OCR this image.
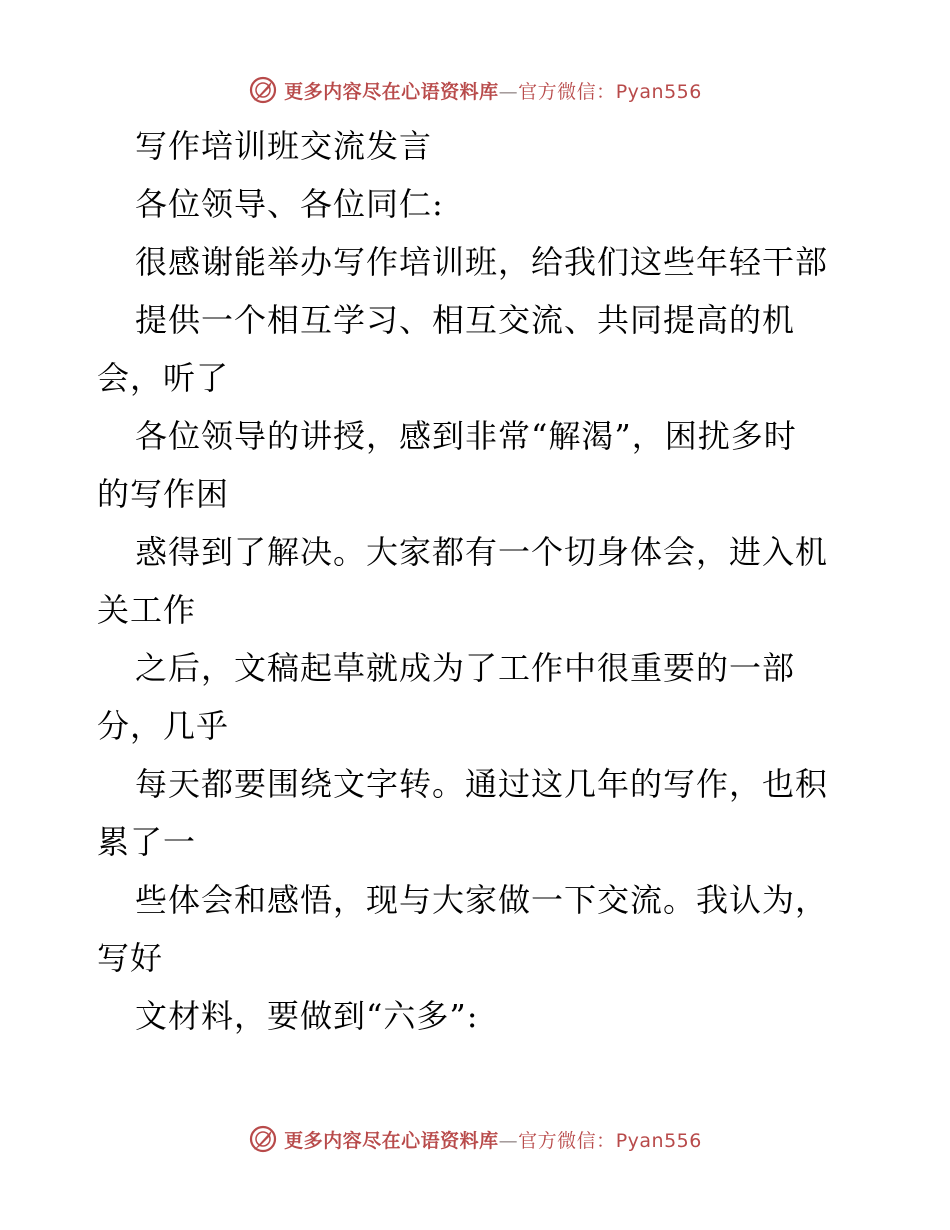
更多内容尽在心语资料库—官方微信：Pyan556
写作培训班交流发言
各位领导、各位同仁:
很感谢能举办写作培训班，给我们这些年轻干部
提供一个相互学习、相互交流、共同提高的机
会，听了
各位领导的讲授，感到非常“解渴”，困扰多时
的写作困
惑得到了解决。大家都有一个切身体会，进入机
关工作
之后，文稿起草就成为了工作中很重要的一部
分，几乎
每天都要围绕文字转。通过这几年的写作，也积
累了一
些体会和感悟，现与大家做一下交流。我认为，
写好
文材料，要做到“六多”:
更多内容尽在心语资料库—官方微信：Pyan556
